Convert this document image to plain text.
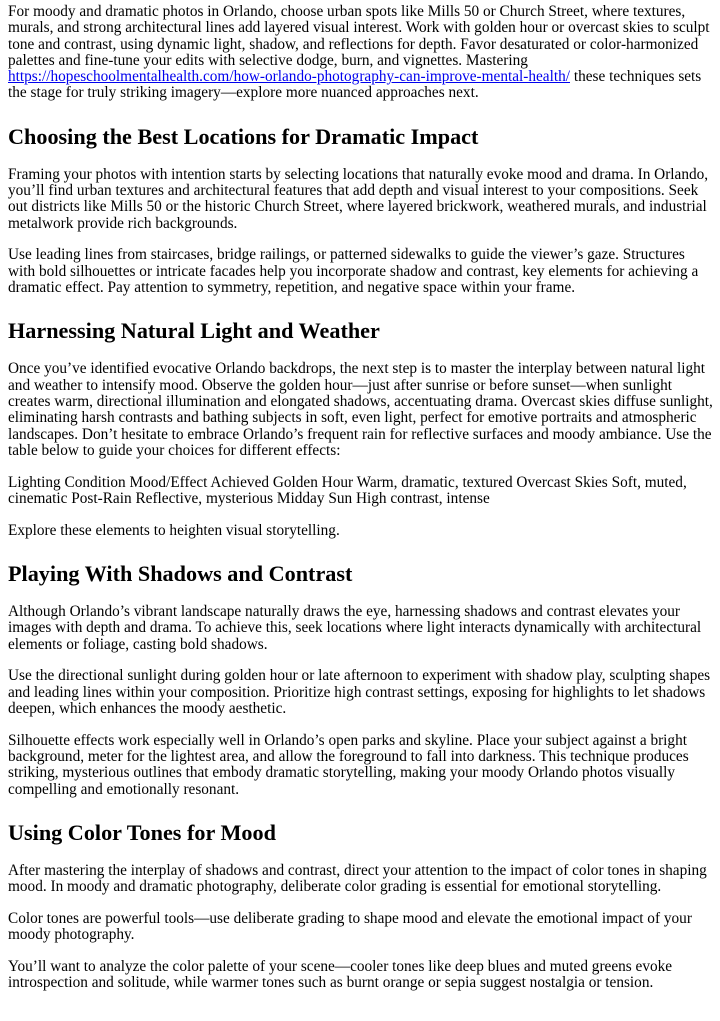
For moody and dramatic photos in Orlando, choose urban spots like Mills 50 or Church Street, where textures, murals, and strong architectural lines add layered visual interest. Work with golden hour or overcast skies to sculpt tone and contrast, using dynamic light, shadow, and reflections for depth. Favor desaturated or color-harmonized palettes and fine-tune your edits with selective dodge, burn, and vignettes. Mastering https://hopeschoolmentalhealth.com/how-orlando-photography-can-improve-mental-health/ these techniques sets the stage for truly striking imagery—explore more nuanced approaches next.

Choosing the Best Locations for Dramatic Impact

Framing your photos with intention starts by selecting locations that naturally evoke mood and drama. In Orlando, you’ll find urban textures and architectural features that add depth and visual interest to your compositions. Seek out districts like Mills 50 or the historic Church Street, where layered brickwork, weathered murals, and industrial metalwork provide rich backgrounds.

Use leading lines from staircases, bridge railings, or patterned sidewalks to guide the viewer’s gaze. Structures with bold silhouettes or intricate facades help you incorporate shadow and contrast, key elements for achieving a dramatic effect. Pay attention to symmetry, repetition, and negative space within your frame.

Harnessing Natural Light and Weather

Once you’ve identified evocative Orlando backdrops, the next step is to master the interplay between natural light and weather to intensify mood. Observe the golden hour—just after sunrise or before sunset—when sunlight creates warm, directional illumination and elongated shadows, accentuating drama. Overcast skies diffuse sunlight, eliminating harsh contrasts and bathing subjects in soft, even light, perfect for emotive portraits and atmospheric landscapes. Don’t hesitate to embrace Orlando’s frequent rain for reflective surfaces and moody ambiance. Use the table below to guide your choices for different effects:

Lighting Condition Mood/Effect Achieved Golden Hour Warm, dramatic, textured Overcast Skies Soft, muted, cinematic Post-Rain Reflective, mysterious Midday Sun High contrast, intense

Explore these elements to heighten visual storytelling.

Playing With Shadows and Contrast

Although Orlando’s vibrant landscape naturally draws the eye, harnessing shadows and contrast elevates your images with depth and drama. To achieve this, seek locations where light interacts dynamically with architectural elements or foliage, casting bold shadows.

Use the directional sunlight during golden hour or late afternoon to experiment with shadow play, sculpting shapes and leading lines within your composition. Prioritize high contrast settings, exposing for highlights to let shadows deepen, which enhances the moody aesthetic.

Silhouette effects work especially well in Orlando’s open parks and skyline. Place your subject against a bright background, meter for the lightest area, and allow the foreground to fall into darkness. This technique produces striking, mysterious outlines that embody dramatic storytelling, making your moody Orlando photos visually compelling and emotionally resonant.

Using Color Tones for Mood

After mastering the interplay of shadows and contrast, direct your attention to the impact of color tones in shaping mood. In moody and dramatic photography, deliberate color grading is essential for emotional storytelling.

Color tones are powerful tools—use deliberate grading to shape mood and elevate the emotional impact of your moody photography.

You’ll want to analyze the color palette of your scene—cooler tones like deep blues and muted greens evoke introspection and solitude, while warmer tones such as burnt orange or sepia suggest nostalgia or tension.
